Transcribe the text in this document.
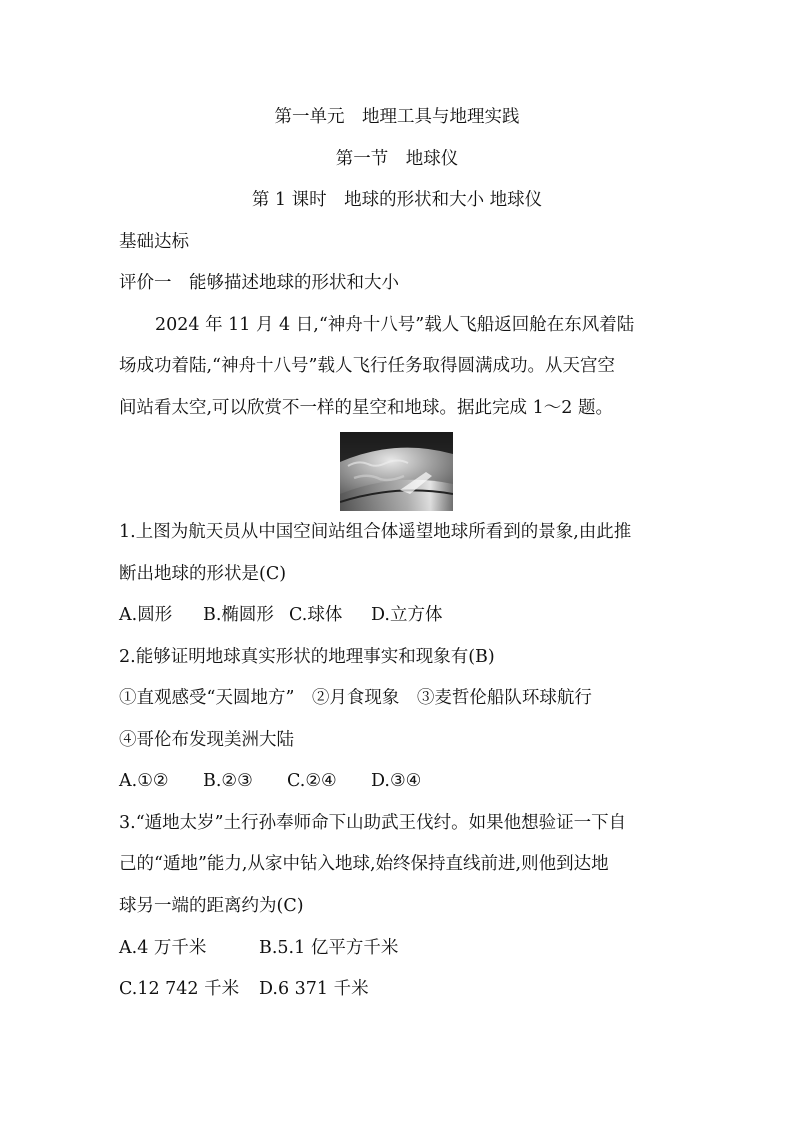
第一单元　地理工具与地理实践
第一节　地球仪
第 1 课时　地球的形状和大小 地球仪
基础达标
评价一　能够描述地球的形状和大小
2024 年 11 月 4 日,“神舟十八号”载人飞船返回舱在东风着陆
场成功着陆,“神舟十八号”载人飞行任务取得圆满成功。从天宫空
间站看太空,可以欣赏不一样的星空和地球。据此完成 1～2 题。
1.上图为航天员从中国空间站组合体遥望地球所看到的景象,由此推
断出地球的形状是(C)
A.圆形 B.椭圆形 C.球体 D.立方体
2.能够证明地球真实形状的地理事实和现象有(B)
①直观感受“天圆地方”　②月食现象　③麦哲伦船队环球航行
④哥伦布发现美洲大陆
A.①② B.②③ C.②④ D.③④
3.“遁地太岁”土行孙奉师命下山助武王伐纣。如果他想验证一下自
己的“遁地”能力,从家中钻入地球,始终保持直线前进,则他到达地
球另一端的距离约为(C)
A.4 万千米	B.5.1 亿平方千米
C.12 742 千米 D.6 371 千米
